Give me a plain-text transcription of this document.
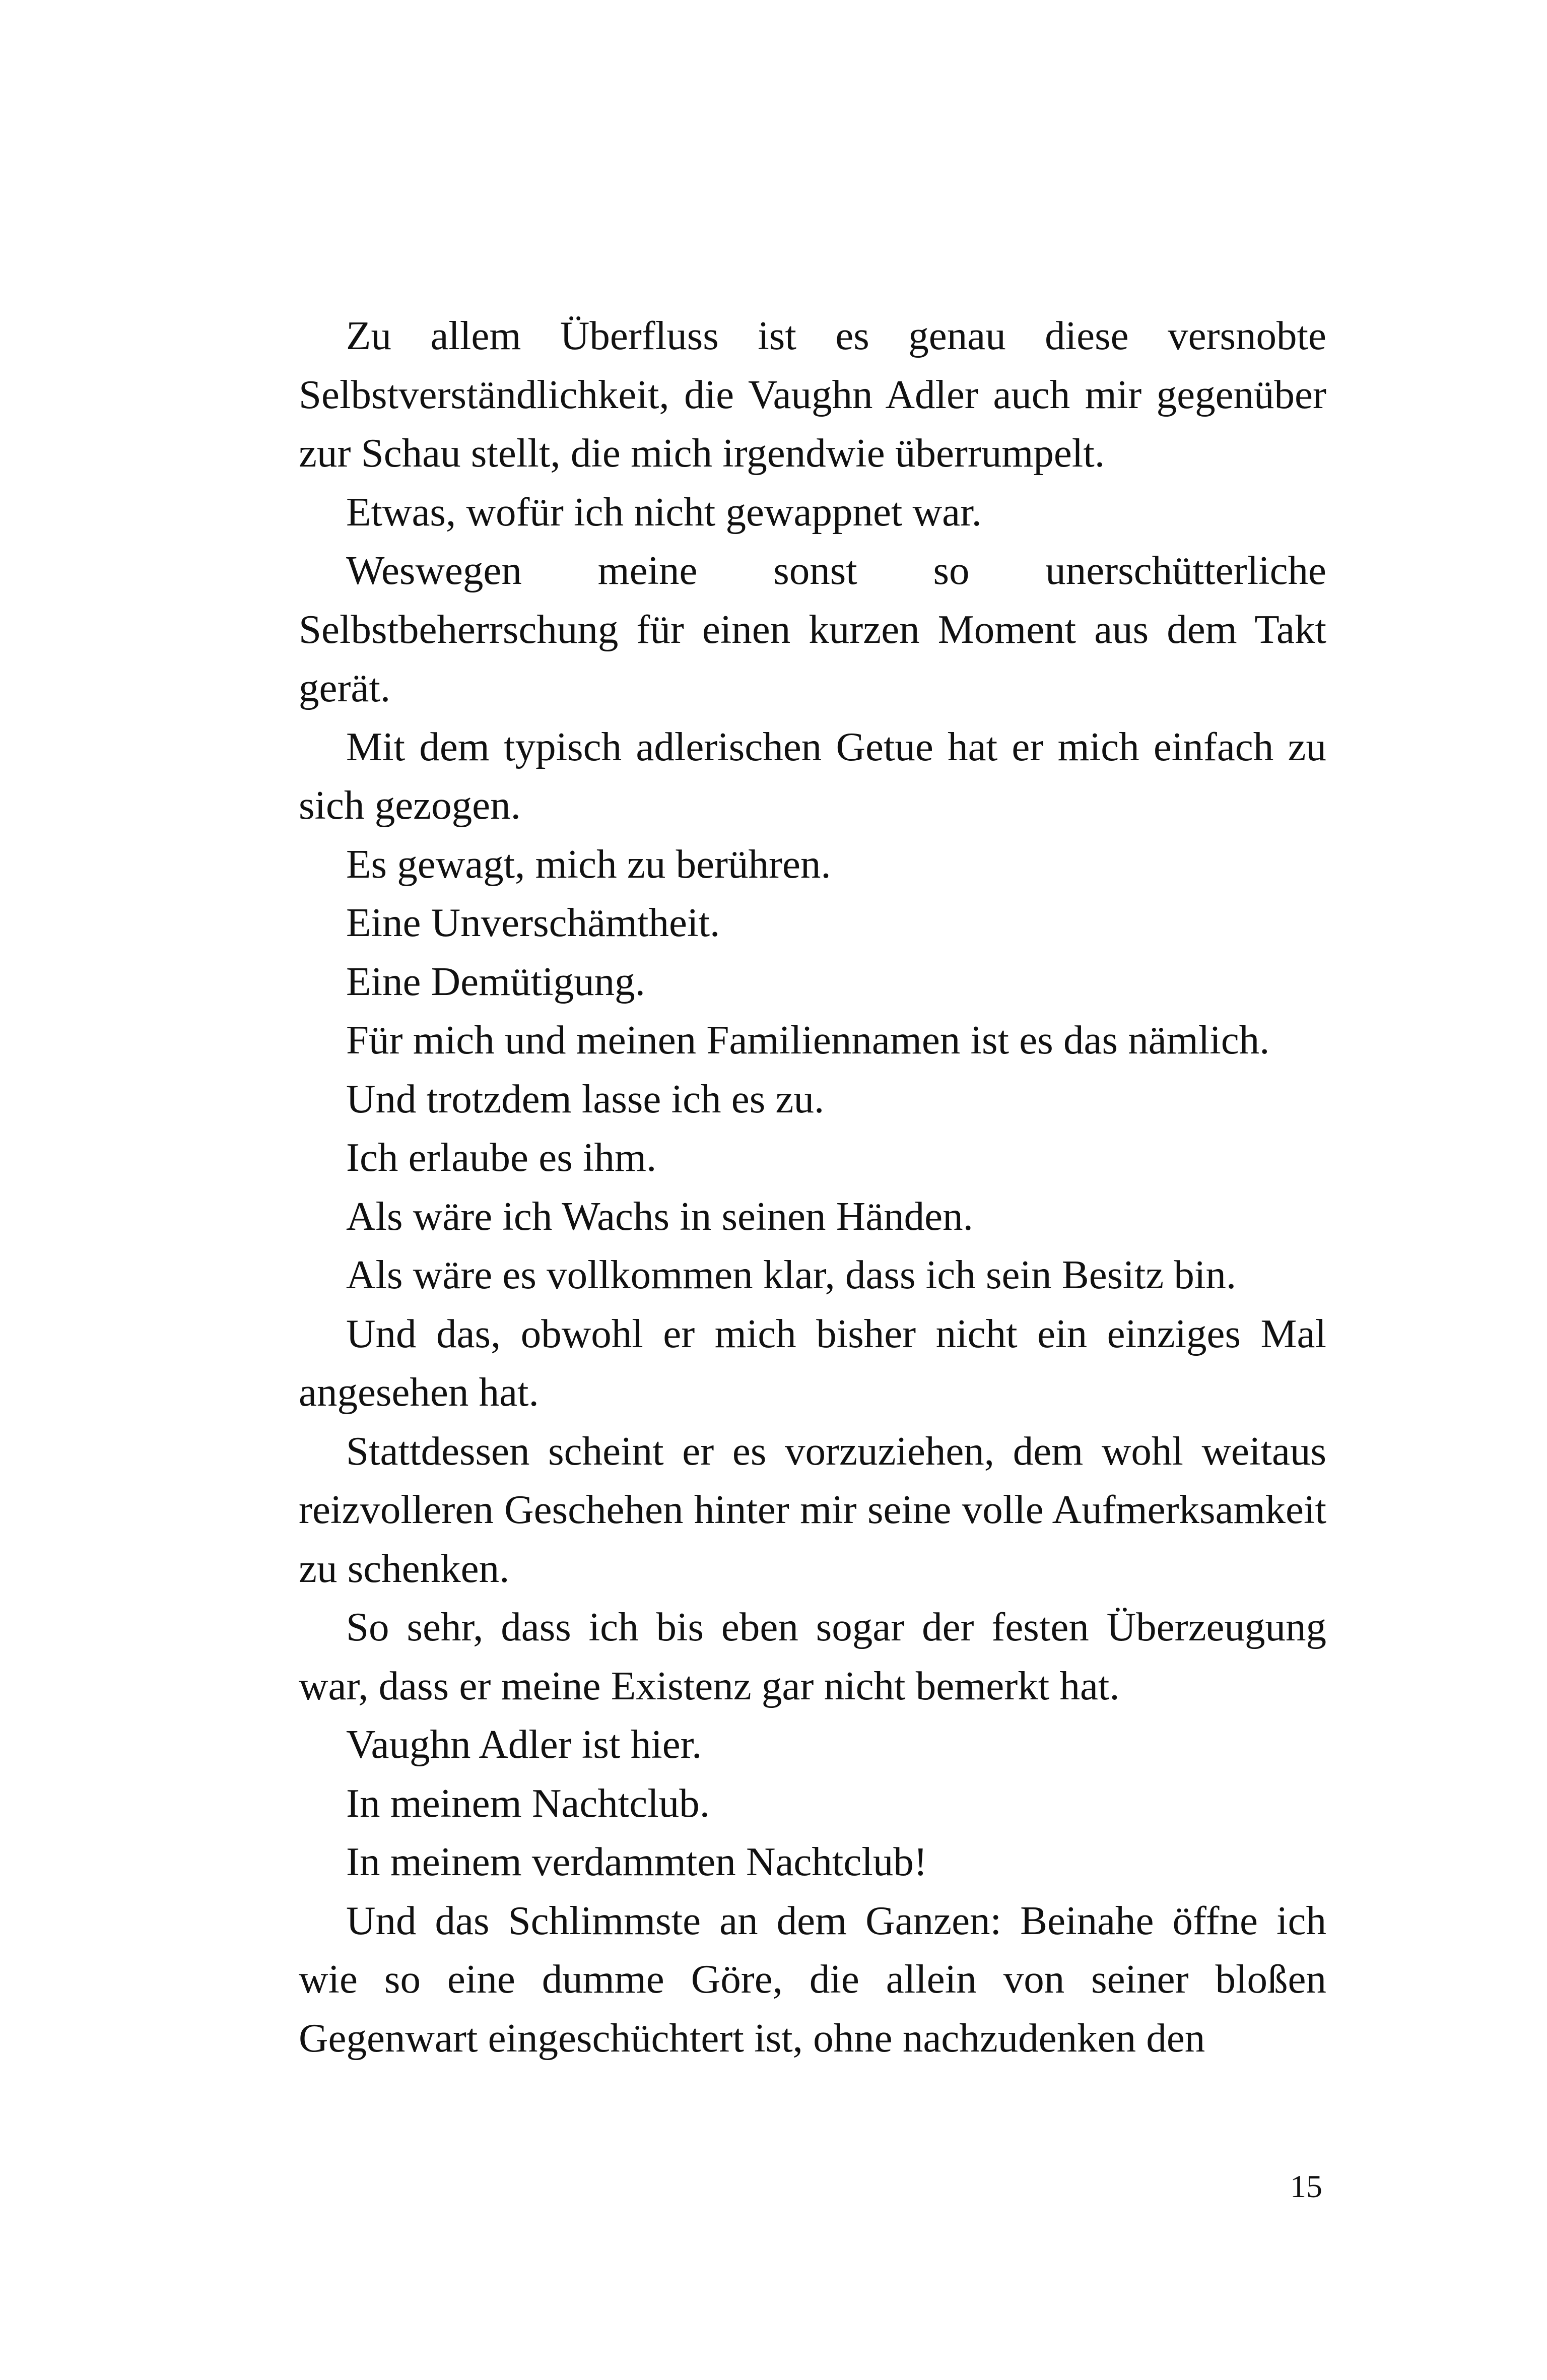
Zu allem Überfluss ist es genau diese versnobte Selbstverständlichkeit, die Vaughn Adler auch mir gegenüber zur Schau stellt, die mich irgendwie überrumpelt.

Etwas, wofür ich nicht gewappnet war.

Weswegen meine sonst so unerschütterliche Selbstbeherrschung für einen kurzen Moment aus dem Takt gerät.

Mit dem typisch adlerischen Getue hat er mich einfach zu sich gezogen.

Es gewagt, mich zu berühren.

Eine Unverschämtheit.

Eine Demütigung.

Für mich und meinen Familiennamen ist es das nämlich.

Und trotzdem lasse ich es zu.

Ich erlaube es ihm.

Als wäre ich Wachs in seinen Händen.

Als wäre es vollkommen klar, dass ich sein Besitz bin.

Und das, obwohl er mich bisher nicht ein einziges Mal angesehen hat.

Stattdessen scheint er es vorzuziehen, dem wohl weitaus reizvolleren Geschehen hinter mir seine volle Aufmerksamkeit zu schenken.

So sehr, dass ich bis eben sogar der festen Überzeugung war, dass er meine Existenz gar nicht bemerkt hat.

Vaughn Adler ist hier.

In meinem Nachtclub.

In meinem verdammten Nachtclub!

Und das Schlimmste an dem Ganzen: Beinahe öffne ich wie so eine dumme Göre, die allein von seiner bloßen Gegenwart eingeschüchtert ist, ohne nachzudenken den

15
